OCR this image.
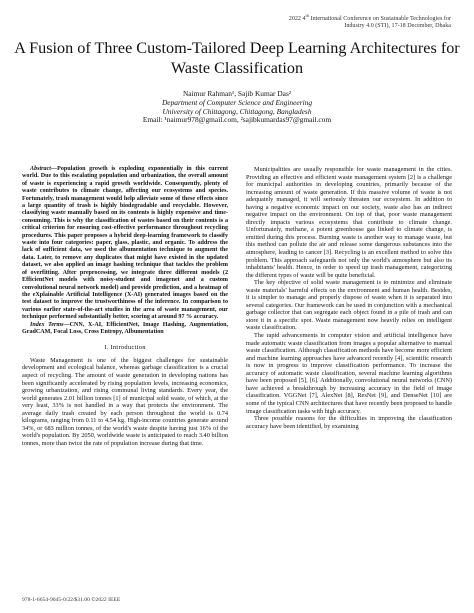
2022 4th International Conference on Sustainable Technologies for
Industry 4.0 (STI), 17-18 December, Dhaka
A Fusion of Three Custom-Tailored Deep Learning Architectures for Waste Classification
Naimur Rahman¹, Sajib Kumar Das²
Department of Computer Science and Engineering
University of Chittagong, Chittagong, Bangladesh
Email: ¹naimur978@gmail.com, ²sajibkumardas97@gmail.com

Abstract—Population growth is exploding exponentially in this current world. Due to this escalating population and urbanization, the overall amount of waste is experiencing a rapid growth worldwide. Consequently, plenty of waste contributes to climate change, affecting our ecosystems and species. Fortunately, trash management would help alleviate some of these effects since a large quantity of trash is highly biodegradable and recyclable. However, classifying waste manually based on its contents is highly expensive and time-consuming. This is why the classification of wastes based on their contents is a critical criterion for ensuring cost-effective performance throughout recycling procedures. This paper proposes a hybrid deep-learning framework to classify waste into four categories: paper, glass, plastic, and organic. To address the lack of sufficient data, we used the albumentation technique to augment the data. Later, to remove any duplicates that might have existed in the updated dataset, we also applied an image hashing technique that tackles the problem of overfitting. After preprocessing, we integrate three different models (2 EfficientNet models with noisy-student and imagenet and a custom convolutional neural network model) and provide prediction, and a heatmap of the eXplainable Artificial Intelligence (X-AI) generated images based on the test dataset to improve the trustworthiness of the inference. In comparison to various earlier state-of-the-art studies in the area of waste management, our technique performed substantially better, scoring at around 97 % accuracy.

Index Terms—CNN, X-AI, EfficientNet, Image Hashing, Augmentation, GradCAM, Focal Loss, Cross Entropy, Albumentation

I. Introduction

Waste Management is one of the biggest challenges for sustainable development and ecological balance, whereas garbage classification is a crucial aspect of recycling. The amount of waste generation in developing nations has been significantly accelerated by rising population levels, increasing economics, growing urbanization, and rising communal living standards. Every year, the world generates 2.01 billion tonnes [1] of municipal solid waste, of which, at the very least, 33% is not handled in a way that protects the environment. The average daily trash created by each person throughout the world is 0.74 kilograms, ranging from 0.11 to 4.54 kg. High-income countries generate around 34%, or 683 million tonnes, of the world's waste despite having just 16% of the world's population. By 2050, worldwide waste is anticipated to reach 3.40 billion tonnes, more than twice the rate of population increase during that time.

Municipalities are usually responsible for waste management in the cities. Providing an effective and efficient waste management system [2] is a challenge for municipal authorities in developing countries, primarily because of the increasing amount of waste generation. If this massive volume of waste is not adequately managed, it will seriously threaten our ecosystem. In addition to having a negative economic impact on our society, waste also has an indirect negative impact on the environment. On top of that, poor waste management directly impacts various ecosystems that contribute to climate change. Unfortunately, methane, a potent greenhouse gas linked to climate change, is emitted during this process. Burning waste is another way to manage waste, but this method can pollute the air and release some dangerous substances into the atmosphere, leading to cancer [3]. Recycling is an excellent method to solve this problem. This approach safeguards not only the world's atmosphere but also its inhabitants' health. Hence, in order to speed up trash management, categorizing the different types of waste will be quite beneficial.

The key objective of solid waste management is to minimize and eliminate waste materials' harmful effects on the environment and human health. Besides, it is simpler to manage and properly dispose of waste when it is separated into several categories. Our framework can be used in conjunction with a mechanical garbage collector that can segregate each object found in a pile of trash and can store it in a specific spot. Waste management now heavily relies on intelligent waste classification.

The rapid advancements in computer vision and artificial intelligence have made automatic waste classification from images a popular alternative to manual waste classification. Although classification methods have become more efficient and machine learning approaches have advanced recently [4], scientific research is now in progress to improve classification performance. To increase the accuracy of automatic waste classification, several machine learning algorithms have been proposed [5], [6]. Additionally, convolutional neural networks (CNN) have achieved a breakthrough by increasing accuracy in the field of image classification. VGGNet [7], AlexNet [8], ResNet [9], and DenseNet [10] are some of the typical CNN architectures that have recently been proposed to handle image classification tasks with high accuracy.

Three possible reasons for the difficulties in improving the classification accuracy have been identified, by examining

978-1-6654-9045-0/22/$31.00 ©2022 IEEE
